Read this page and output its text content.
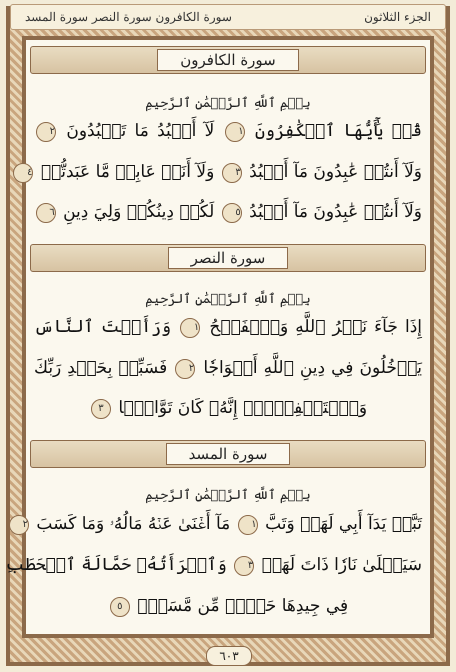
سورة الكافرون سورة النصر سورة المسد	الجزء الثلاثون
سورة الكافرون
بِسۡمِ ٱللَّهِ ٱلرَّحۡمَٰنِ ٱلرَّحِيمِ
قُلۡ يَٰٓأَيُّهَا ٱلۡكَٰفِرُونَ ١ لَآ أَعۡبُدُ مَا تَعۡبُدُونَ ٢
وَلَآ أَنتُمۡ عَٰبِدُونَ مَآ أَعۡبُدُ ٣ وَلَآ أَنَا۠ عَابِدٞ مَّا عَبَدتُّمۡ ٤
وَلَآ أَنتُمۡ عَٰبِدُونَ مَآ أَعۡبُدُ ٥ لَكُمۡ دِينُكُمۡ وَلِيَ دِينِ ٦
سورة النصر
بِسۡمِ ٱللَّهِ ٱلرَّحۡمَٰنِ ٱلرَّحِيمِ
إِذَا جَآءَ نَصۡرُ ٱللَّهِ وَٱلۡفَتۡحُ ١ وَرَأَيۡتَ ٱلنَّاسَ
يَدۡخُلُونَ فِي دِينِ ٱللَّهِ أَفۡوَاجٗا ٢ فَسَبِّحۡ بِحَمۡدِ رَبِّكَ
وَٱسۡتَغۡفِرۡهُۚ إِنَّهُۥ كَانَ تَوَّابَۢا ٣
سورة المسد
بِسۡمِ ٱللَّهِ ٱلرَّحۡمَٰنِ ٱلرَّحِيمِ
تَبَّتۡ يَدَآ أَبِي لَهَبٖ وَتَبَّ ١ مَآ أَغۡنَىٰ عَنۡهُ مَالُهُۥ وَمَا كَسَبَ ٢
سَيَصۡلَىٰ نَارٗا ذَاتَ لَهَبٖ ٣ وَٱمۡرَأَتُهُۥ حَمَّالَةَ ٱلۡحَطَبِ
فِي جِيدِهَا حَبۡلٞ مِّن مَّسَدِۭ ٥
٦٠٣
